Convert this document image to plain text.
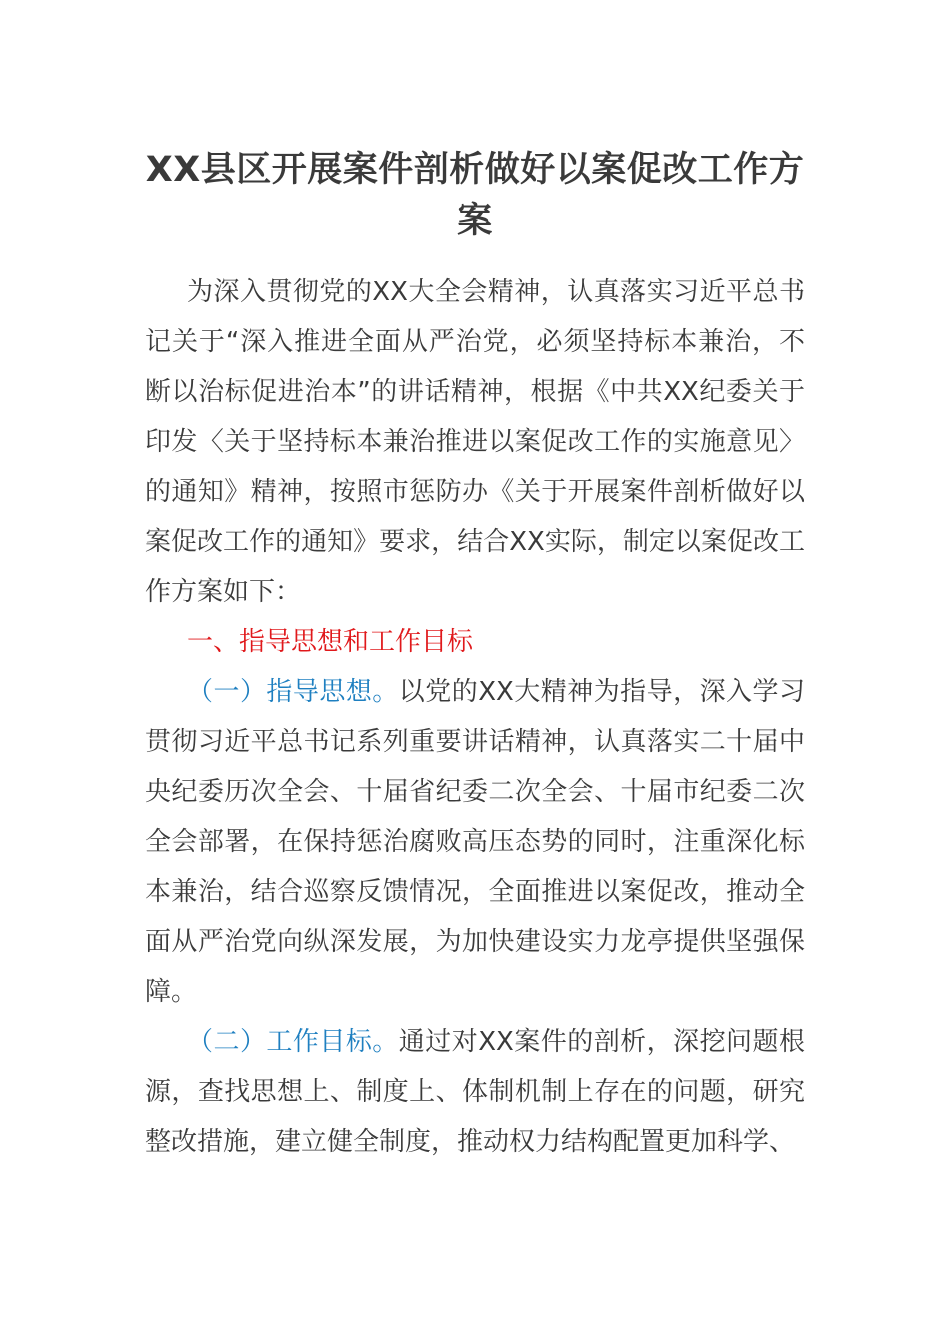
XX县区开展案件剖析做好以案促改工作方案

为深入贯彻党的XX大全会精神，认真落实习近平总书记关于“深入推进全面从严治党，必须坚持标本兼治，不断以治标促进治本”的讲话精神，根据《中共XX纪委关于印发〈关于坚持标本兼治推进以案促改工作的实施意见〉的通知》精神，按照市惩防办《关于开展案件剖析做好以案促改工作的通知》要求，结合XX实际，制定以案促改工作方案如下：

一、指导思想和工作目标

（一）指导思想。以党的XX大精神为指导，深入学习贯彻习近平总书记系列重要讲话精神，认真落实二十届中央纪委历次全会、十届省纪委二次全会、十届市纪委二次全会部署，在保持惩治腐败高压态势的同时，注重深化标本兼治，结合巡察反馈情况，全面推进以案促改，推动全面从严治党向纵深发展，为加快建设实力龙亭提供坚强保障。

（二）工作目标。通过对XX案件的剖析，深挖问题根源，查找思想上、制度上、体制机制上存在的问题，研究整改措施，建立健全制度，推动权力结构配置更加科学、
